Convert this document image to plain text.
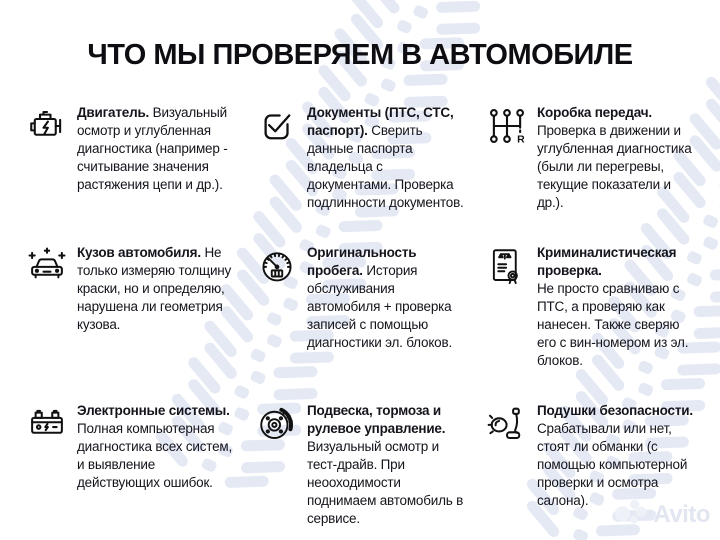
ЧТО МЫ ПРОВЕРЯЕМ В АВТОМОБИЛЕ

Двигатель. Визуальный осмотр и углубленная диагностика (например - считывание значения растяжения цепи и др.).

Документы (ПТС, СТС, паспорт). Сверить данные паспорта владельца с документами. Проверка подлинности документов.

R

Коробка передач.
Проверка в движении и углубленная диагностика (были ли перегревы, текущие показатели и др.).

Кузов автомобиля. Не только измеряю толщину краски, но и определяю, нарушена ли геометрия кузова.

Оригинальность пробега. История обслуживания автомобиля + проверка записей с помощью диагностики эл. блоков.

Криминалистическая проверка.
Не просто сравниваю с ПТС, а проверяю как нанесен. Также сверяю его с вин-номером из эл. блоков.

Электронные системы. Полная компьютерная диагностика всех систем, и выявление действующих ошибок.

Подвеска, тормоза и рулевое управление. Визуальный осмотр и тест-драйв. При неооходимости поднимаем автомобиль в сервисе.

Подушки безопасности. Срабатывали или нет, стоят ли обманки (с помощью компьютерной проверки и осмотра салона).

Avito
